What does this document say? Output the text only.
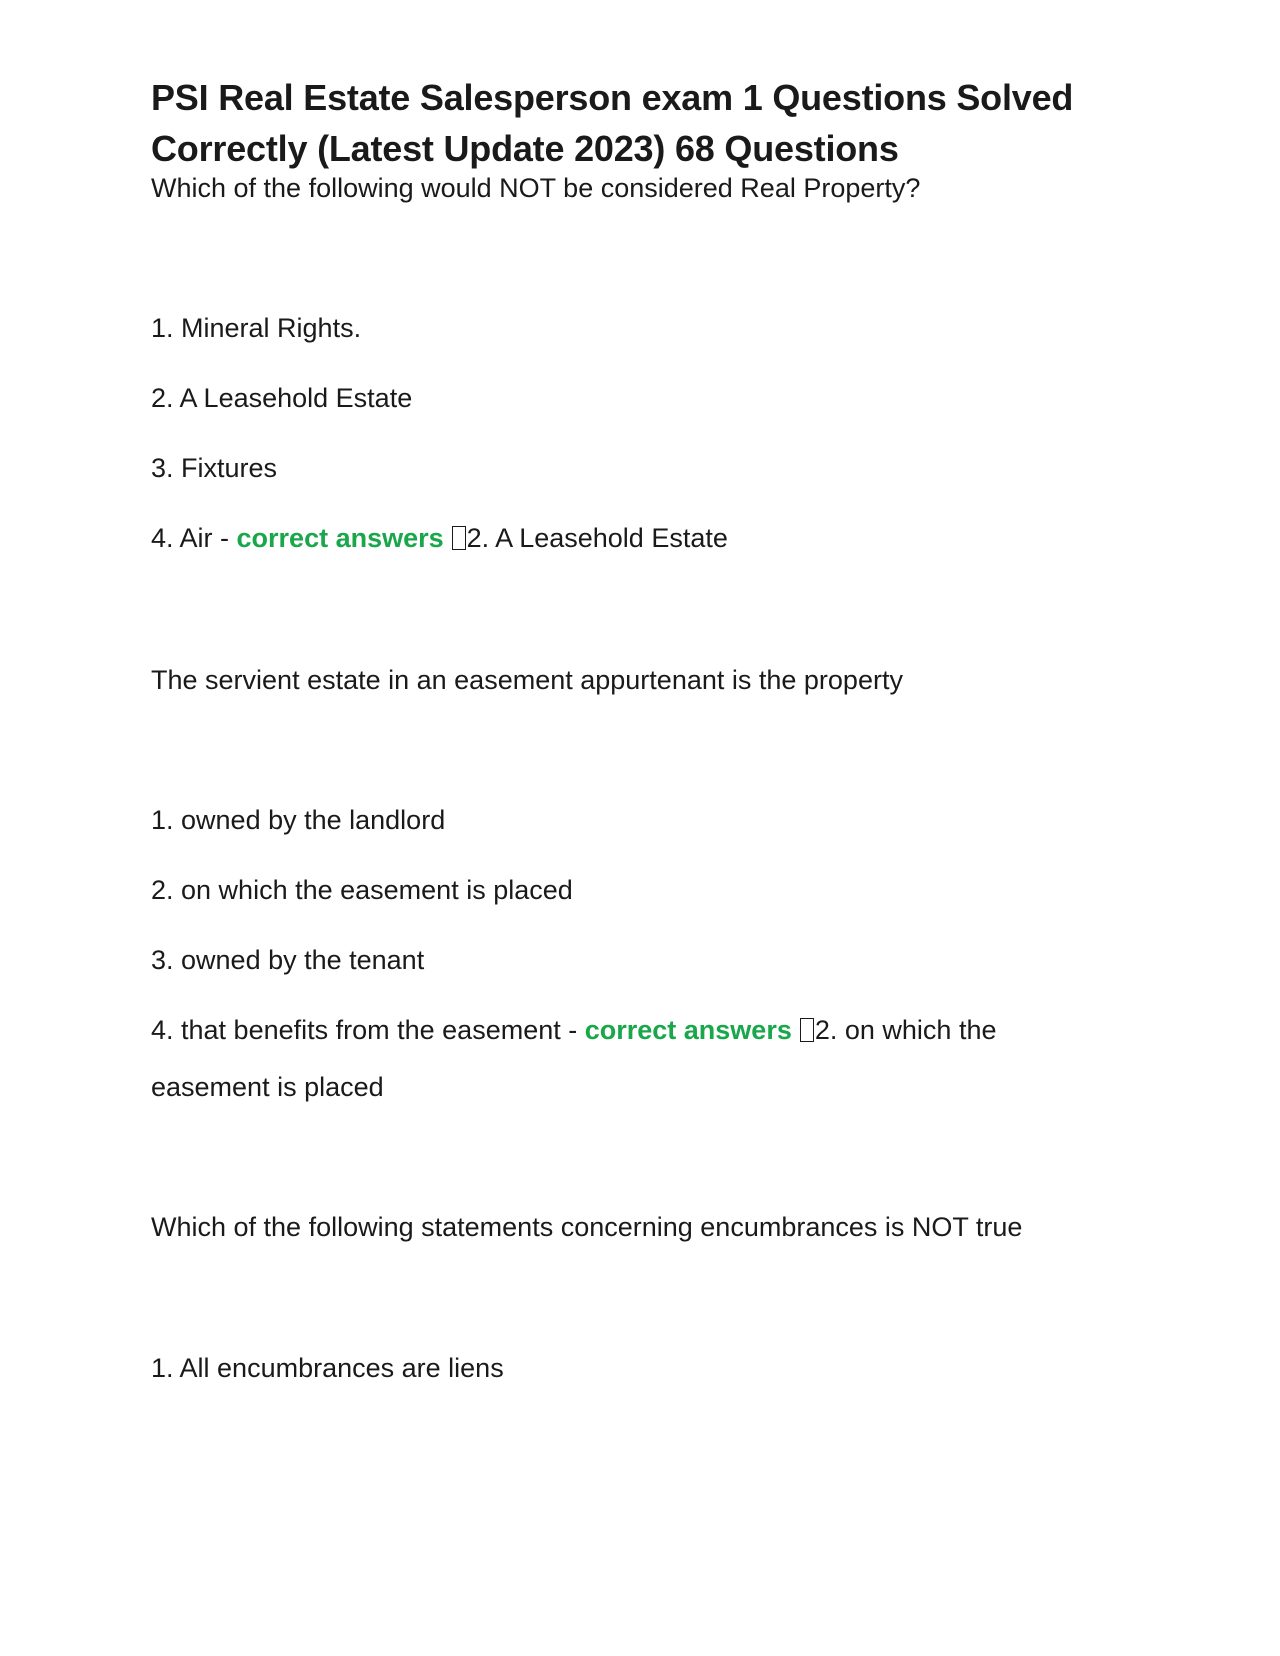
PSI Real Estate Salesperson exam 1 Questions Solved
Correctly (Latest Update 2023) 68 Questions
Which of the following would NOT be considered Real Property?
1. Mineral Rights.
2. A Leasehold Estate
3. Fixtures
4. Air - correct answers 2. A Leasehold Estate
The servient estate in an easement appurtenant is the property
1. owned by the landlord
2. on which the easement is placed
3. owned by the tenant
4. that benefits from the easement - correct answers 2. on which the
easement is placed
Which of the following statements concerning encumbrances is NOT true
1. All encumbrances are liens
